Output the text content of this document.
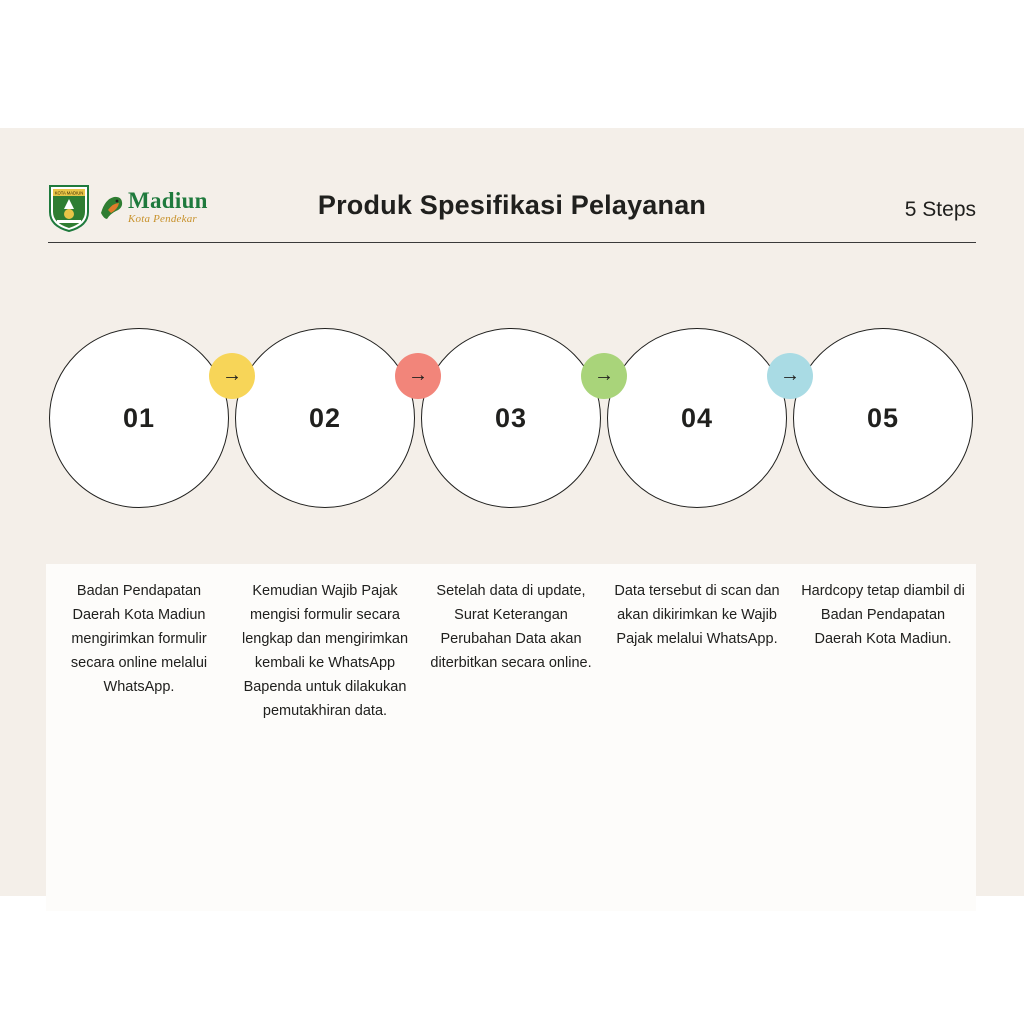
KOTA MADIUN Madiun
Kota Pendekar	Produk Spesifikasi Pelayanan	5 Steps
01
Badan Pendapatan Daerah Kota Madiun mengirimkan formulir secara online melalui WhatsApp.
→
02
Kemudian Wajib Pajak mengisi formulir secara lengkap dan mengirimkan kembali ke WhatsApp Bapenda untuk dilakukan pemutakhiran data.
→
03
Setelah data di update, Surat Keterangan Perubahan Data akan diterbitkan secara online.
→
04
Data tersebut di scan dan akan dikirimkan ke Wajib Pajak melalui WhatsApp.
→
05
Hardcopy tetap diambil di Badan Pendapatan Daerah Kota Madiun.
